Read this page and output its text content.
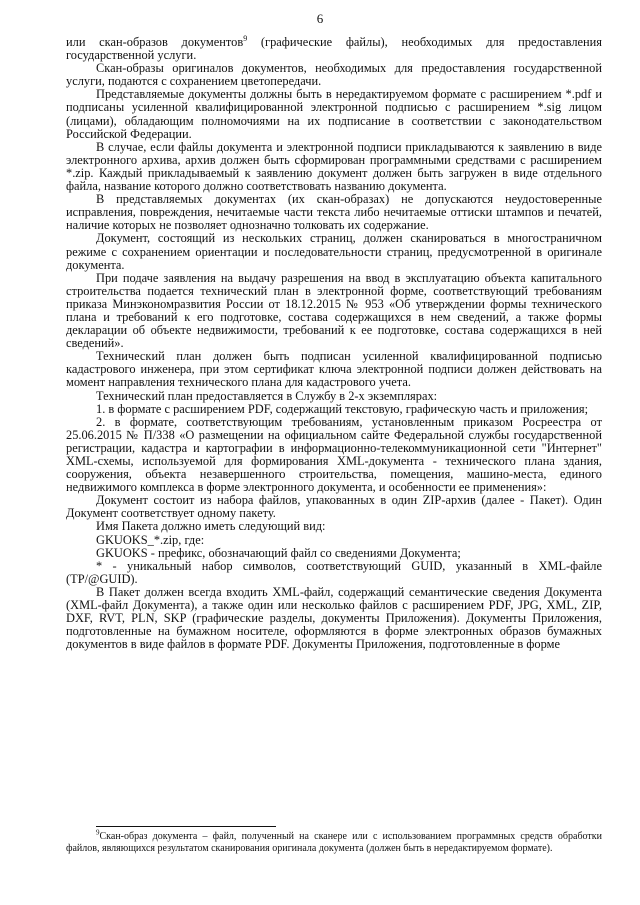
6

или скан-образов документов$^9$ (графические файлы), необходимых для предоставления государственной услуги.

Скан-образы оригиналов документов, необходимых для предоставления государственной услуги, подаются с сохранением цветопередачи.

Представляемые документы должны быть в нередактируемом формате с расширением *.pdf и подписаны усиленной квалифицированной электронной подписью с расширением *.sig лицом (лицами), обладающим полномочиями на их подписание в соответствии с законодательством Российской Федерации.

В случае, если файлы документа и электронной подписи прикладываются к заявлению в виде электронного архива, архив должен быть сформирован программными средствами с расширением *.zip. Каждый прикладываемый к заявлению документ должен быть загружен в виде отдельного файла, название которого должно соответствовать названию документа.

В представляемых документах (их скан-образах) не допускаются неудостоверенные исправления, повреждения, нечитаемые части текста либо нечитаемые оттиски штампов и печатей, наличие которых не позволяет однозначно толковать их содержание.

Документ, состоящий из нескольких страниц, должен сканироваться в многостраничном режиме с сохранением ориентации и последовательности страниц, предусмотренной в оригинале документа.

При подаче заявления на выдачу разрешения на ввод в эксплуатацию объекта капитального строительства подается технический план в электронной форме, соответствующий требованиям приказа Минэкономразвития России от 18.12.2015 № 953 «Об утверждении формы технического плана и требований к его подготовке, состава содержащихся в нем сведений, а также формы декларации об объекте недвижимости, требований к ее подготовке, состава содержащихся в ней сведений».

Технический план должен быть подписан усиленной квалифицированной подписью кадастрового инженера, при этом сертификат ключа электронной подписи должен действовать на момент направления технического плана для кадастрового учета.

Технический план предоставляется в Службу в 2-х экземплярах:

1. в формате с расширением PDF, содержащий текстовую, графическую часть и приложения;

2. в формате, соответствующим требованиям, установленным приказом Росреестра от 25.06.2015 № П/338 «О размещении на официальном сайте Федеральной службы государственной регистрации, кадастра и картографии в информационно-телекоммуникационной сети "Интернет" XML-схемы, используемой для формирования XML-документа - технического плана здания, сооружения, объекта незавершенного строительства, помещения, машино-места, единого недвижимого комплекса в форме электронного документа, и особенности ее применения»:

Документ состоит из набора файлов, упакованных в один ZIP-архив (далее - Пакет). Один Документ соответствует одному пакету.

Имя Пакета должно иметь следующий вид:

GKUOKS_*.zip, где:

GKUOKS - префикс, обозначающий файл со сведениями Документа;

* - уникальный набор символов, соответствующий GUID, указанный в XML-файле (TP/@GUID).

В Пакет должен всегда входить XML-файл, содержащий семантические сведения Документа (XML-файл Документа), а также один или несколько файлов с расширением PDF, JPG, XML, ZIP, DXF, RVT, PLN, SKP (графические разделы, документы Приложения). Документы Приложения, подготовленные на бумажном носителе, оформляются в форме электронных образов бумажных документов в виде файлов в формате PDF. Документы Приложения, подготовленные в форме

$^9$Скан-образ документа – файл, полученный на сканере или с использованием программных средств обработки файлов, являющихся результатом сканирования оригинала документа (должен быть в нередактируемом формате).
